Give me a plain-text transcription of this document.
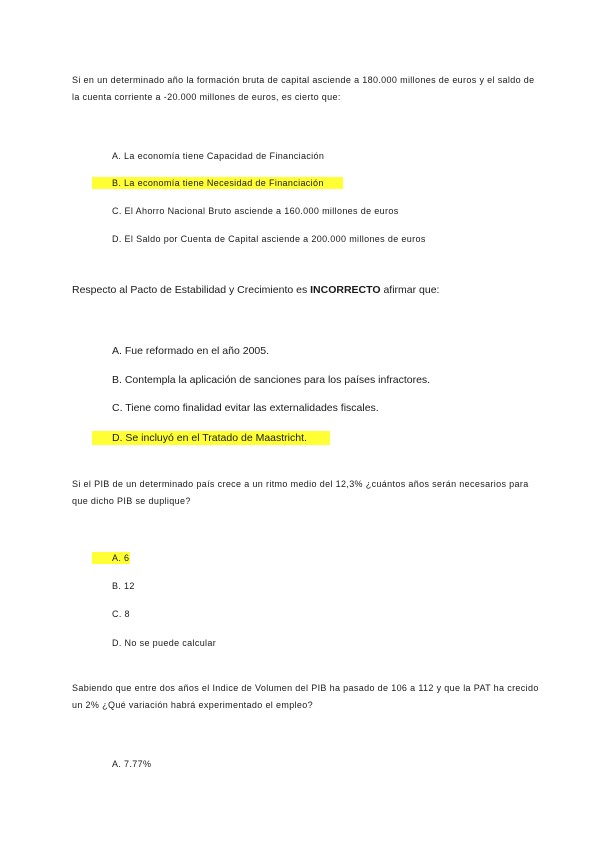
Si en un determinado año la formación bruta de capital asciende a 180.000 millones de euros y el saldo de la cuenta corriente a -20.000 millones de euros, es cierto que:
A. La economía tiene Capacidad de Financiación
B. La economía tiene Necesidad de Financiación
C. El Ahorro Nacional Bruto asciende a 160.000 millones de euros
D. El Saldo por Cuenta de Capital asciende a 200.000 millones de euros
Respecto al Pacto de Estabilidad y Crecimiento es INCORRECTO afirmar que:
A. Fue reformado en el año 2005.
B. Contempla la aplicación de sanciones para los países infractores.
C. Tiene como finalidad evitar las externalidades fiscales.
D. Se incluyó en el Tratado de Maastricht.
Si el PIB de un determinado país crece a un ritmo medio del 12,3% ¿cuántos años serán necesarios para que dicho PIB se duplique?
A. 6
B. 12
C. 8
D. No se puede calcular
Sabiendo que entre dos años el Indice de Volumen del PIB ha pasado de 106 a 112 y que la PAT ha crecido un 2% ¿Qué variación habrá experimentado el empleo?
A. 7.77%
